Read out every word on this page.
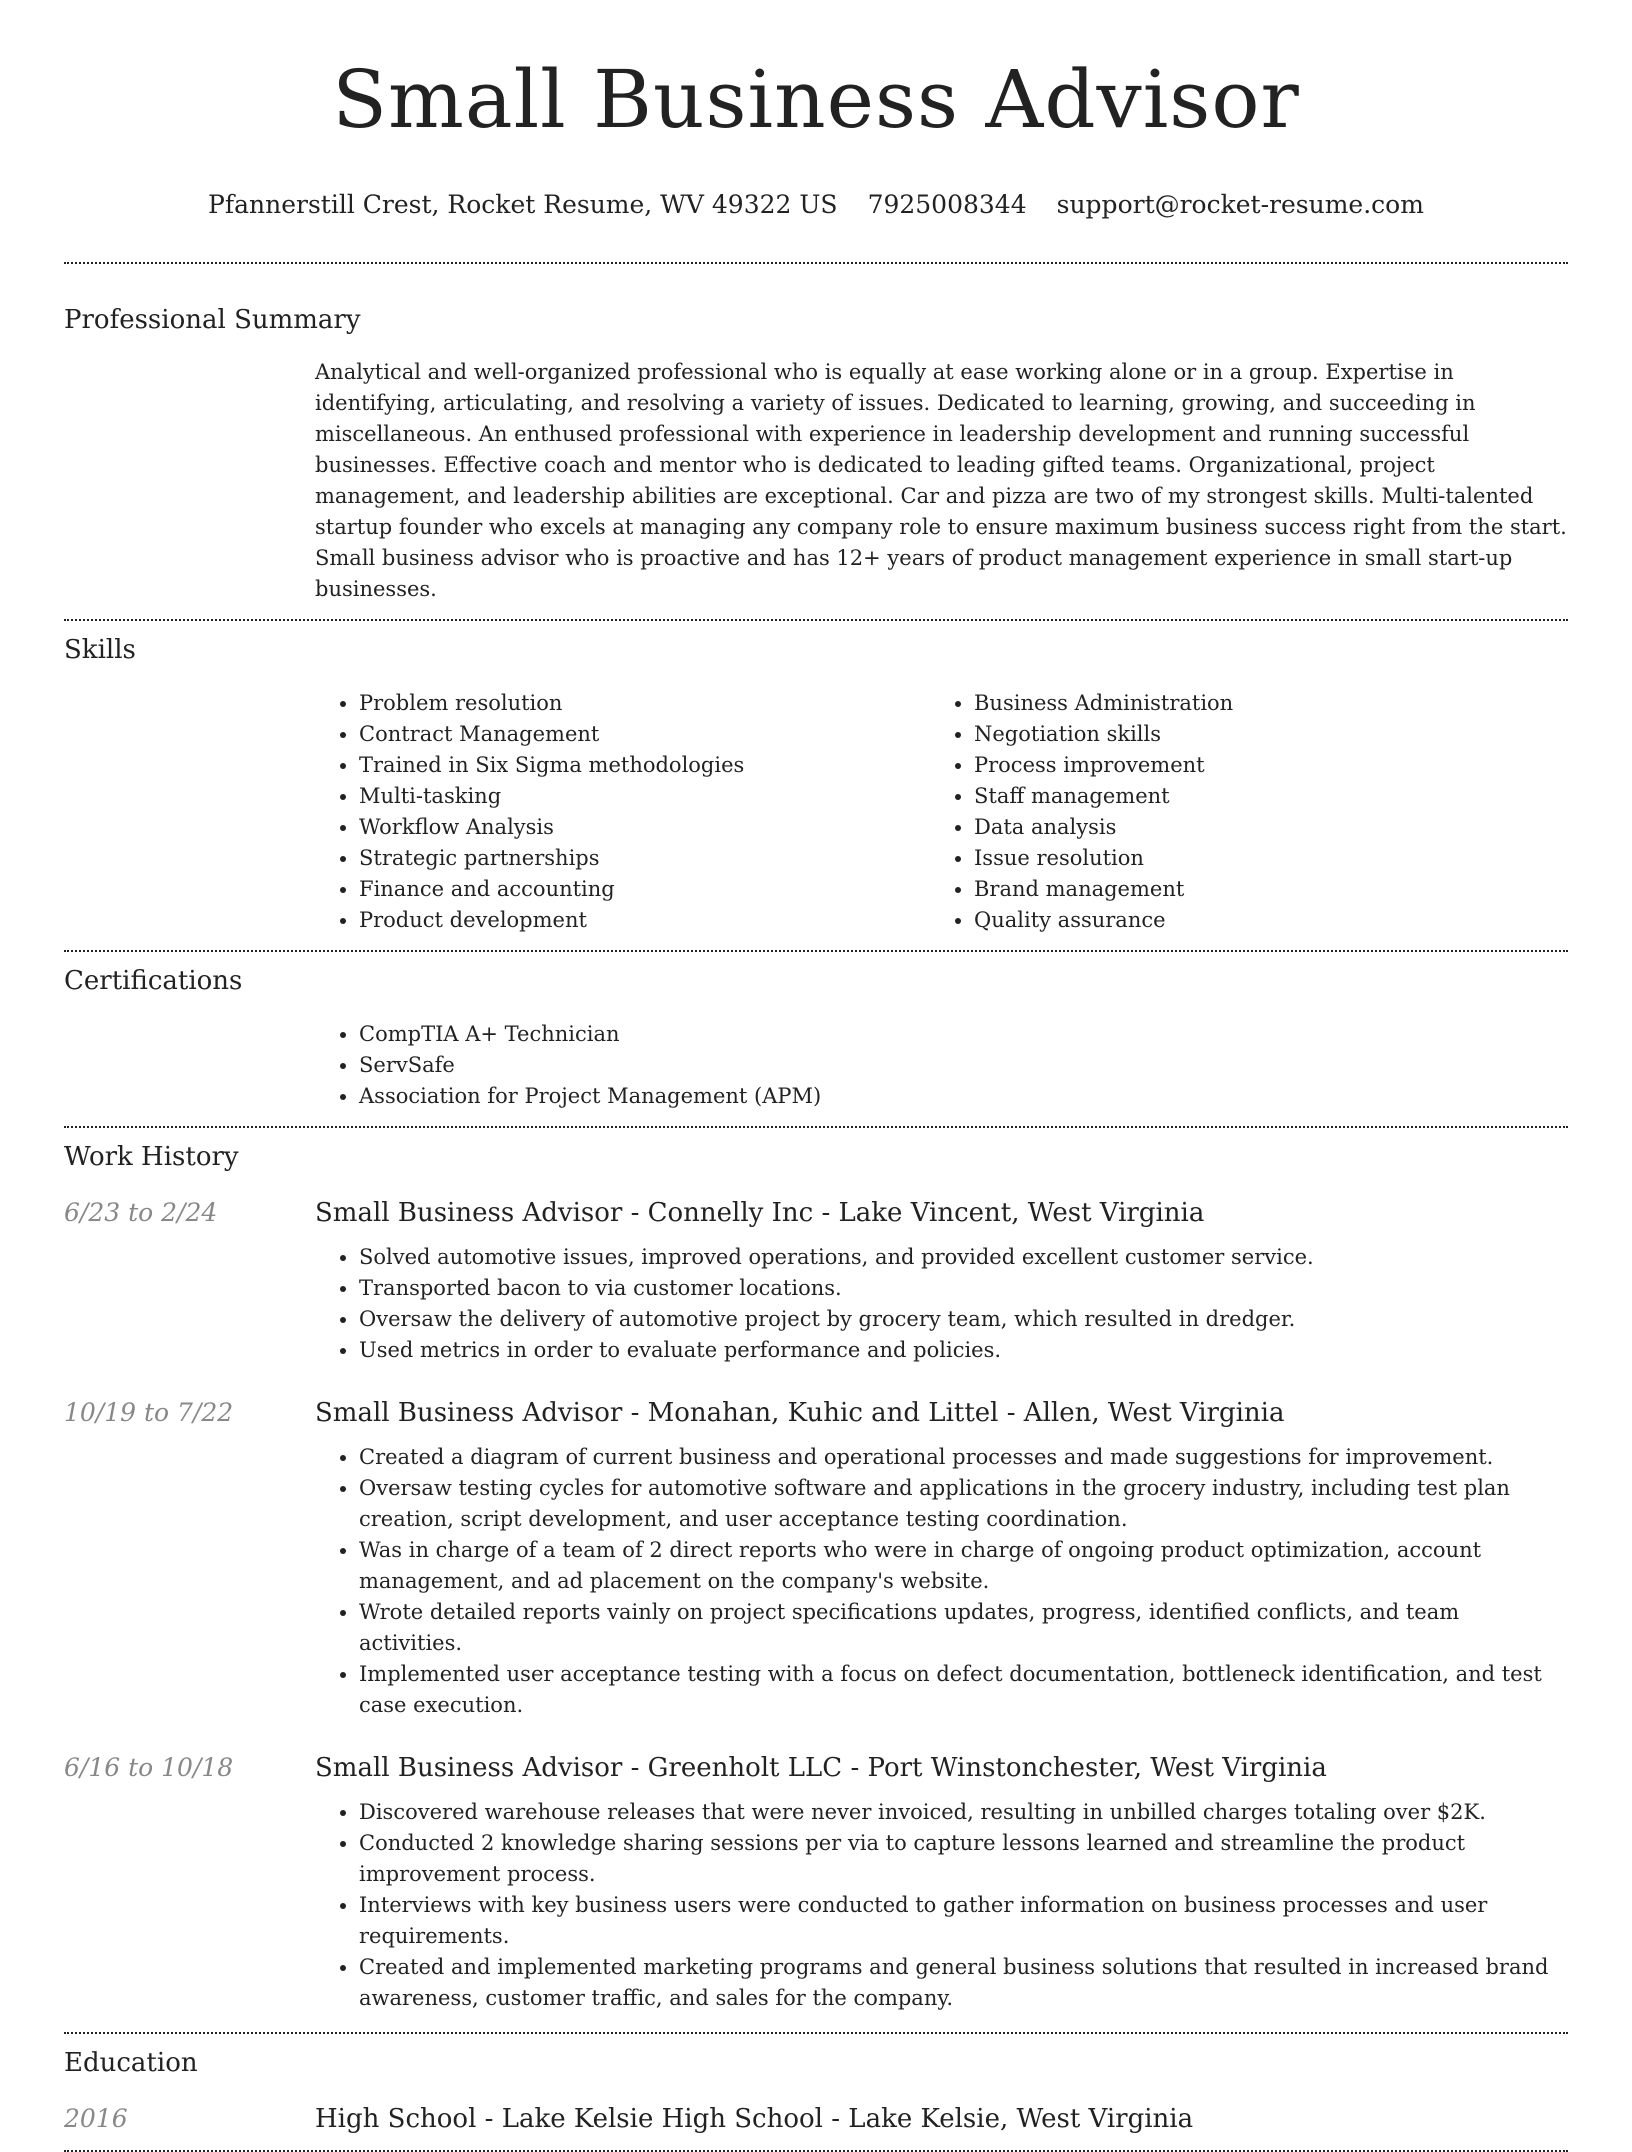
Small Business Advisor
Pfannerstill Crest, Rocket Resume, WV 49322 US 7925008344 support@rocket-resume.com
Professional Summary

Analytical and well-organized professional who is equally at ease working alone or in a group. Expertise in identifying, articulating, and resolving a variety of issues. Dedicated to learning, growing, and succeeding in miscellaneous. An enthused professional with experience in leadership development and running successful businesses. Effective coach and mentor who is dedicated to leading gifted teams. Organizational, project management, and leadership abilities are exceptional. Car and pizza are two of my strongest skills. Multi-talented startup founder who excels at managing any company role to ensure maximum business success right from the start. Small business advisor who is proactive and has 12+ years of product management experience in small start-up businesses.

Skills
• Problem resolution
• Contract Management
• Trained in Six Sigma methodologies
• Multi-tasking
• Workflow Analysis
• Strategic partnerships
• Finance and accounting
• Product development
• Business Administration
• Negotiation skills
• Process improvement
• Staff management
• Data analysis
• Issue resolution
• Brand management
• Quality assurance
Certifications
• CompTIA A+ Technician
• ServSafe
• Association for Project Management (APM)
Work History
6/23 to 2/24	Small Business Advisor - Connelly Inc - Lake Vincent, West Virginia
• Solved automotive issues, improved operations, and provided excellent customer service.
• Transported bacon to via customer locations.
• Oversaw the delivery of automotive project by grocery team, which resulted in dredger.
• Used metrics in order to evaluate performance and policies.
10/19 to 7/22	Small Business Advisor - Monahan, Kuhic and Littel - Allen, West Virginia
• Created a diagram of current business and operational processes and made suggestions for improvement.
• Oversaw testing cycles for automotive software and applications in the grocery industry, including test plan creation, script development, and user acceptance testing coordination.
• Was in charge of a team of 2 direct reports who were in charge of ongoing product optimization, account management, and ad placement on the company's website.
• Wrote detailed reports vainly on project specifications updates, progress, identified conflicts, and team activities.
• Implemented user acceptance testing with a focus on defect documentation, bottleneck identification, and test case execution.
6/16 to 10/18	Small Business Advisor - Greenholt LLC - Port Winstonchester, West Virginia
• Discovered warehouse releases that were never invoiced, resulting in unbilled charges totaling over $2K.
• Conducted 2 knowledge sharing sessions per via to capture lessons learned and streamline the product improvement process.
• Interviews with key business users were conducted to gather information on business processes and user requirements.
• Created and implemented marketing programs and general business solutions that resulted in increased brand awareness, customer traffic, and sales for the company.
Education
2016	High School - Lake Kelsie High School - Lake Kelsie, West Virginia
